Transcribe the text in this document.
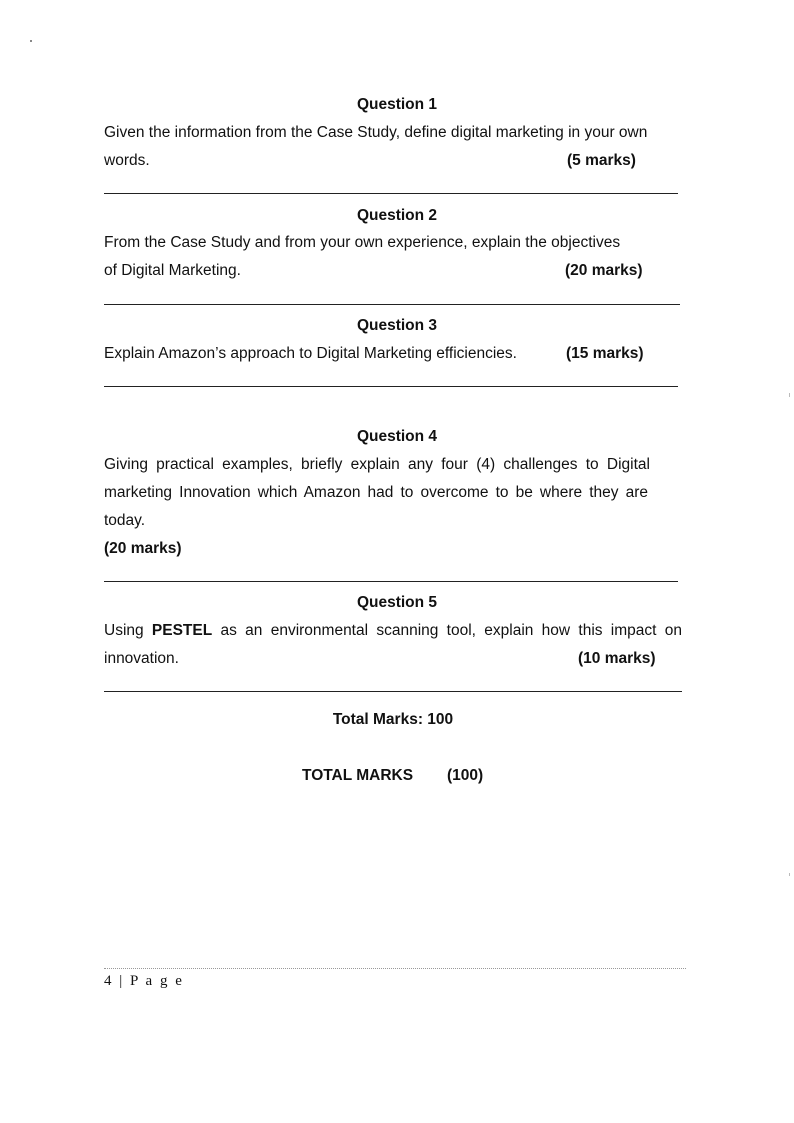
Question 1
Given the information from the Case Study, define digital marketing in your own
words.	(5 marks)
Question 2
From the Case Study and from your own experience, explain the objectives
of Digital Marketing.	(20 marks)
Question 3
Explain Amazon’s approach to Digital Marketing efficiencies.	(15 marks)
Question 4
Giving practical examples, briefly explain any four (4) challenges to Digital
marketing Innovation which Amazon had to overcome to be where they are
today.
(20 marks)
Question 5
Using PESTEL as an environmental scanning tool, explain how this impact on
innovation.	(10 marks)
Total Marks: 100
TOTAL MARKS (100)
4 | P a g e
